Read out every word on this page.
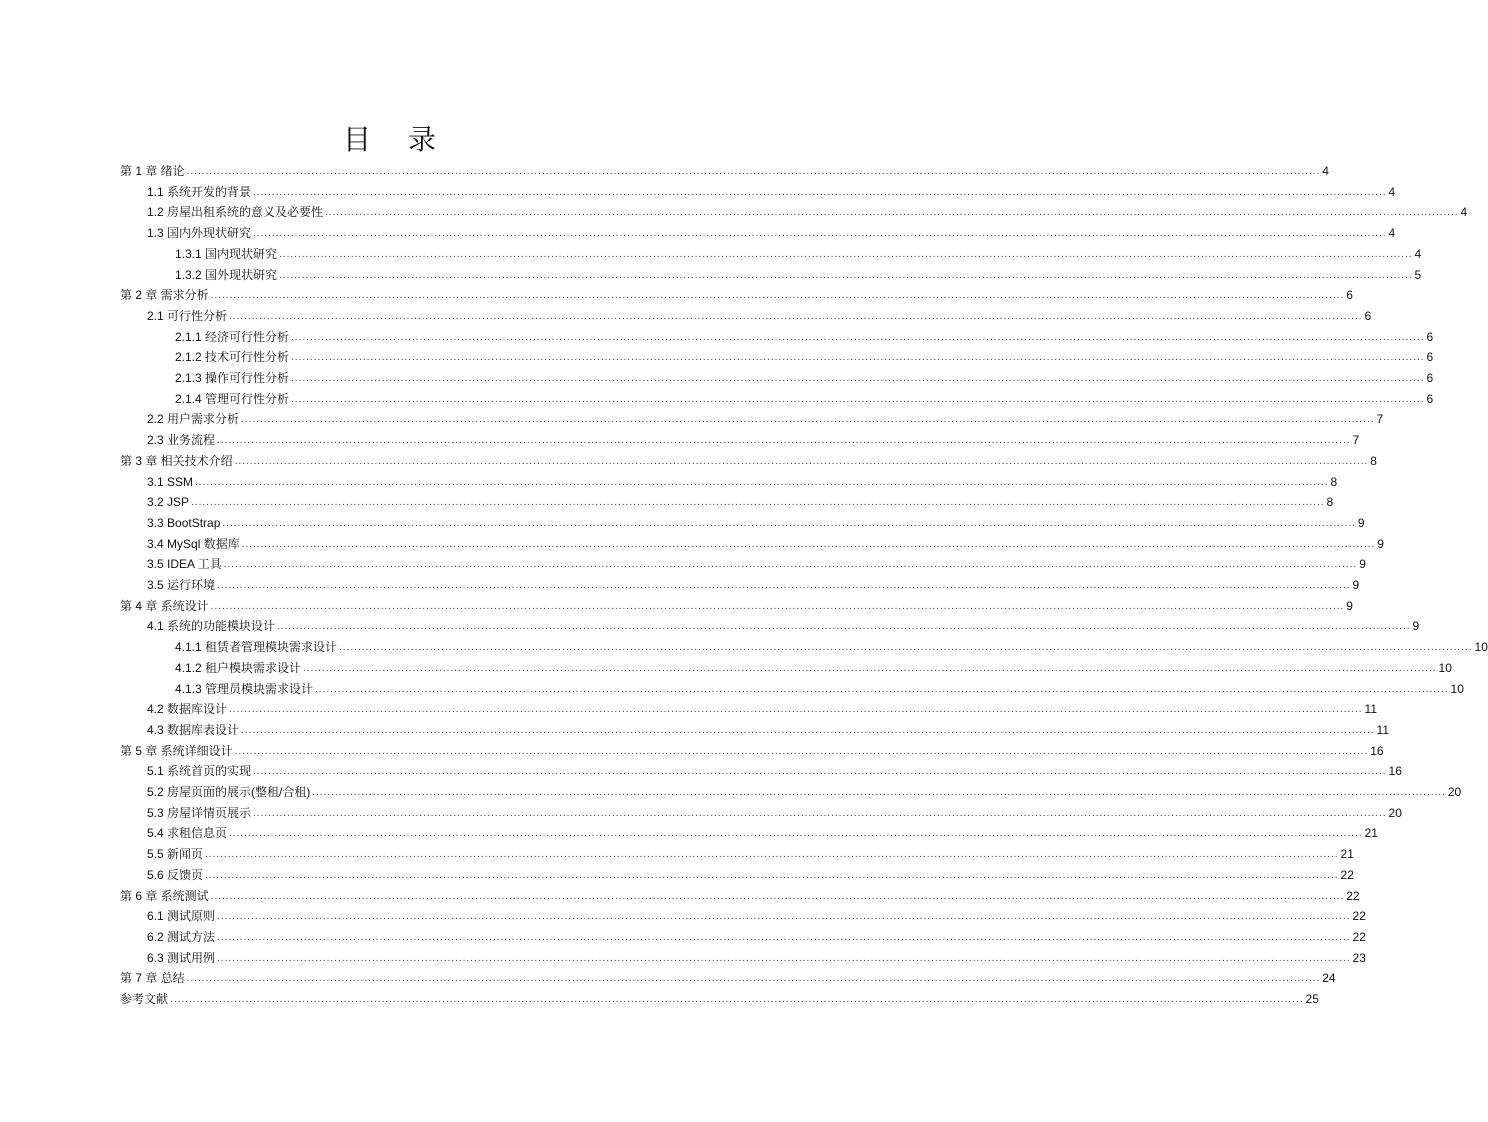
目 录
第 1 章 绪论 ............................................................................................................................................................................................................................................................................................................ 4
1.1 系统开发的背景 ............................................................................................................................................................................................................................................................................................................ 4
1.2 房屋出租系统的意义及必要性 ............................................................................................................................................................................................................................................................................................................ 4
1.3 国内外现状研究 ............................................................................................................................................................................................................................................................................................................ 4
1.3.1 国内现状研究 ............................................................................................................................................................................................................................................................................................................ 4
1.3.2 国外现状研究 ............................................................................................................................................................................................................................................................................................................ 5
第 2 章 需求分析 ............................................................................................................................................................................................................................................................................................................ 6
2.1 可行性分析 ............................................................................................................................................................................................................................................................................................................ 6
2.1.1 经济可行性分析 ............................................................................................................................................................................................................................................................................................................ 6
2.1.2 技术可行性分析 ............................................................................................................................................................................................................................................................................................................ 6
2.1.3 操作可行性分析 ............................................................................................................................................................................................................................................................................................................ 6
2.1.4 管理可行性分析 ............................................................................................................................................................................................................................................................................................................ 6
2.2 用户需求分析 ............................................................................................................................................................................................................................................................................................................ 7
2.3 业务流程 ............................................................................................................................................................................................................................................................................................................ 7
第 3 章 相关技术介绍 ............................................................................................................................................................................................................................................................................................................ 8
3.1 SSM ............................................................................................................................................................................................................................................................................................................ 8
3.2 JSP ............................................................................................................................................................................................................................................................................................................ 8
3.3 BootStrap ............................................................................................................................................................................................................................................................................................................ 9
3.4 MySql 数据库 ............................................................................................................................................................................................................................................................................................................ 9
3.5 IDEA 工具 ............................................................................................................................................................................................................................................................................................................ 9
3.5 运行环境 ............................................................................................................................................................................................................................................................................................................ 9
第 4 章 系统设计 ............................................................................................................................................................................................................................................................................................................ 9
4.1 系统的功能模块设计 ............................................................................................................................................................................................................................................................................................................ 9
4.1.1 租赁者管理模块需求设计 ............................................................................................................................................................................................................................................................................................................ 10
4.1.2 租户模块需求设计 ............................................................................................................................................................................................................................................................................................................ 10
4.1.3 管理员模块需求设计 ............................................................................................................................................................................................................................................................................................................ 10
4.2 数据库设计 ............................................................................................................................................................................................................................................................................................................ 11
4.3 数据库表设计 ............................................................................................................................................................................................................................................................................................................ 11
第 5 章 系统详细设计 ............................................................................................................................................................................................................................................................................................................ 16
5.1 系统首页的实现 ............................................................................................................................................................................................................................................................................................................ 16
5.2 房屋页面的展示(整租/合租) ............................................................................................................................................................................................................................................................................................................ 20
5.3 房屋详情页展示 ............................................................................................................................................................................................................................................................................................................ 20
5.4 求租信息页 ............................................................................................................................................................................................................................................................................................................ 21
5.5 新闻页 ............................................................................................................................................................................................................................................................................................................ 21
5.6 反馈页 ............................................................................................................................................................................................................................................................................................................ 22
第 6 章 系统测试 ............................................................................................................................................................................................................................................................................................................ 22
6.1 测试原则 ............................................................................................................................................................................................................................................................................................................ 22
6.2 测试方法 ............................................................................................................................................................................................................................................................................................................ 22
6.3 测试用例 ............................................................................................................................................................................................................................................................................................................ 23
第 7 章 总结 ............................................................................................................................................................................................................................................................................................................ 24
参考文献 ............................................................................................................................................................................................................................................................................................................ 25
